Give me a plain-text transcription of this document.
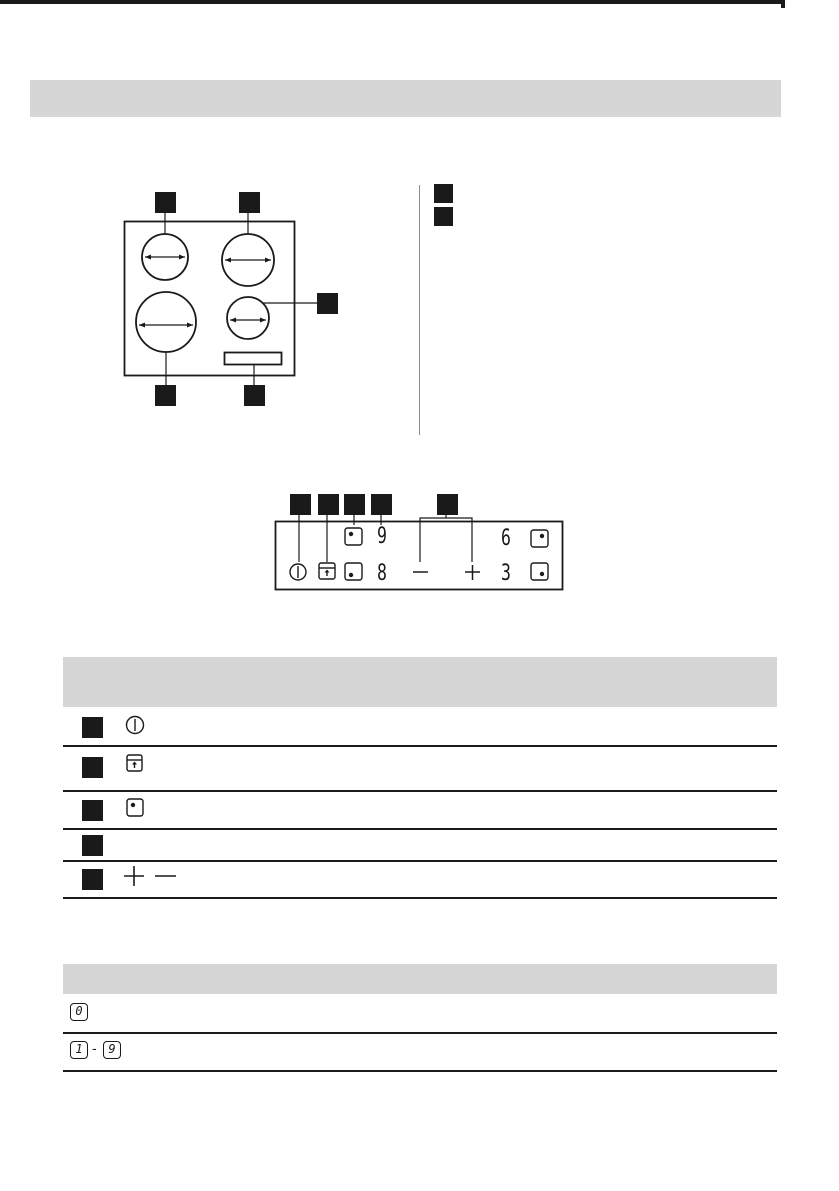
9
8
6
3
0
1 - 9
